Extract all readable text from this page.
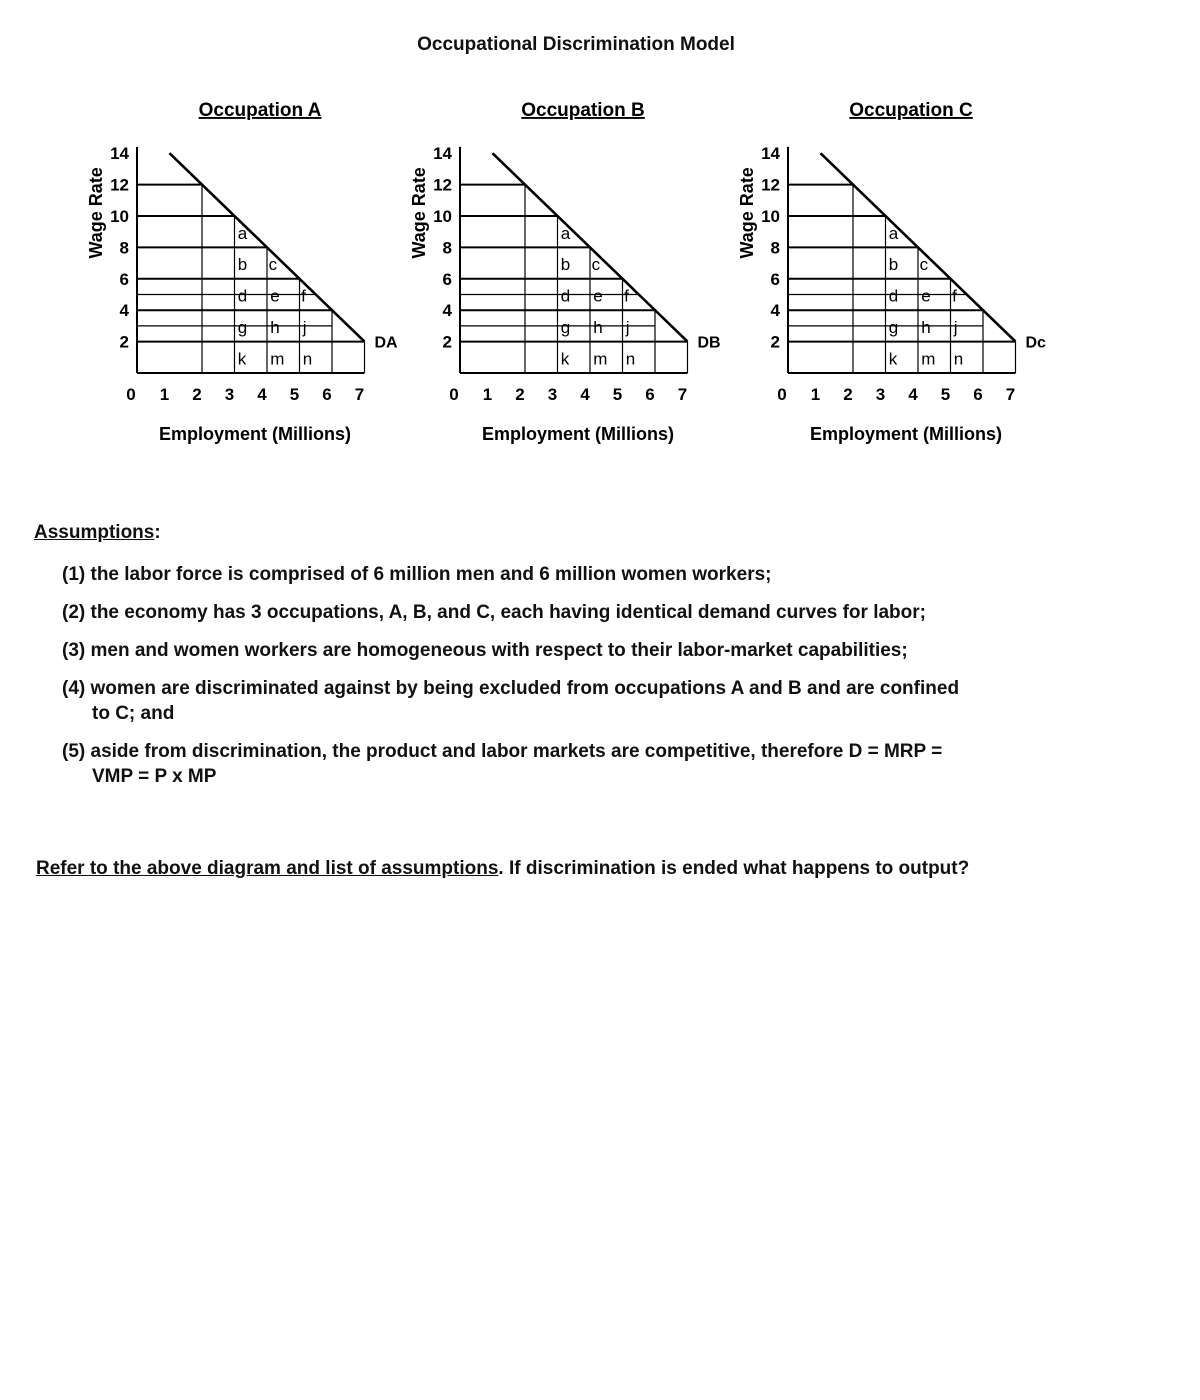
Occupational Discrimination Model
Occupation A
DA
2
4
6
8
10
12
14
0 1 2 3 4 5 6 7
Employment (Millions)
Wage Rate	a
b c
d e f
g h j
k m n
Occupation B
DB
2
4
6
8
10
12
14
0 1 2 3 4 5 6 7
Employment (Millions)
Wage Rate	a
b c
d e f
g h j
k m n
Occupation C
Dc
2
4
6
8
10
12
14
0 1 2 3 4 5 6 7
Employment (Millions)
Wage Rate	a
b c
d e f
g h j
k m n
Assumptions:
(1) the labor force is comprised of 6 million men and 6 million women workers;
(2) the economy has 3 occupations, A, B, and C, each having identical demand curves for labor;
(3) men and women workers are homogeneous with respect to their labor-market capabilities;
(4) women are discriminated against by being excluded from occupations A and B and are confined to C; and
(5) aside from discrimination, the product and labor markets are competitive, therefore D = MRP = VMP = P x MP
Refer to the above diagram and list of assumptions. If discrimination is ended what happens to output?
